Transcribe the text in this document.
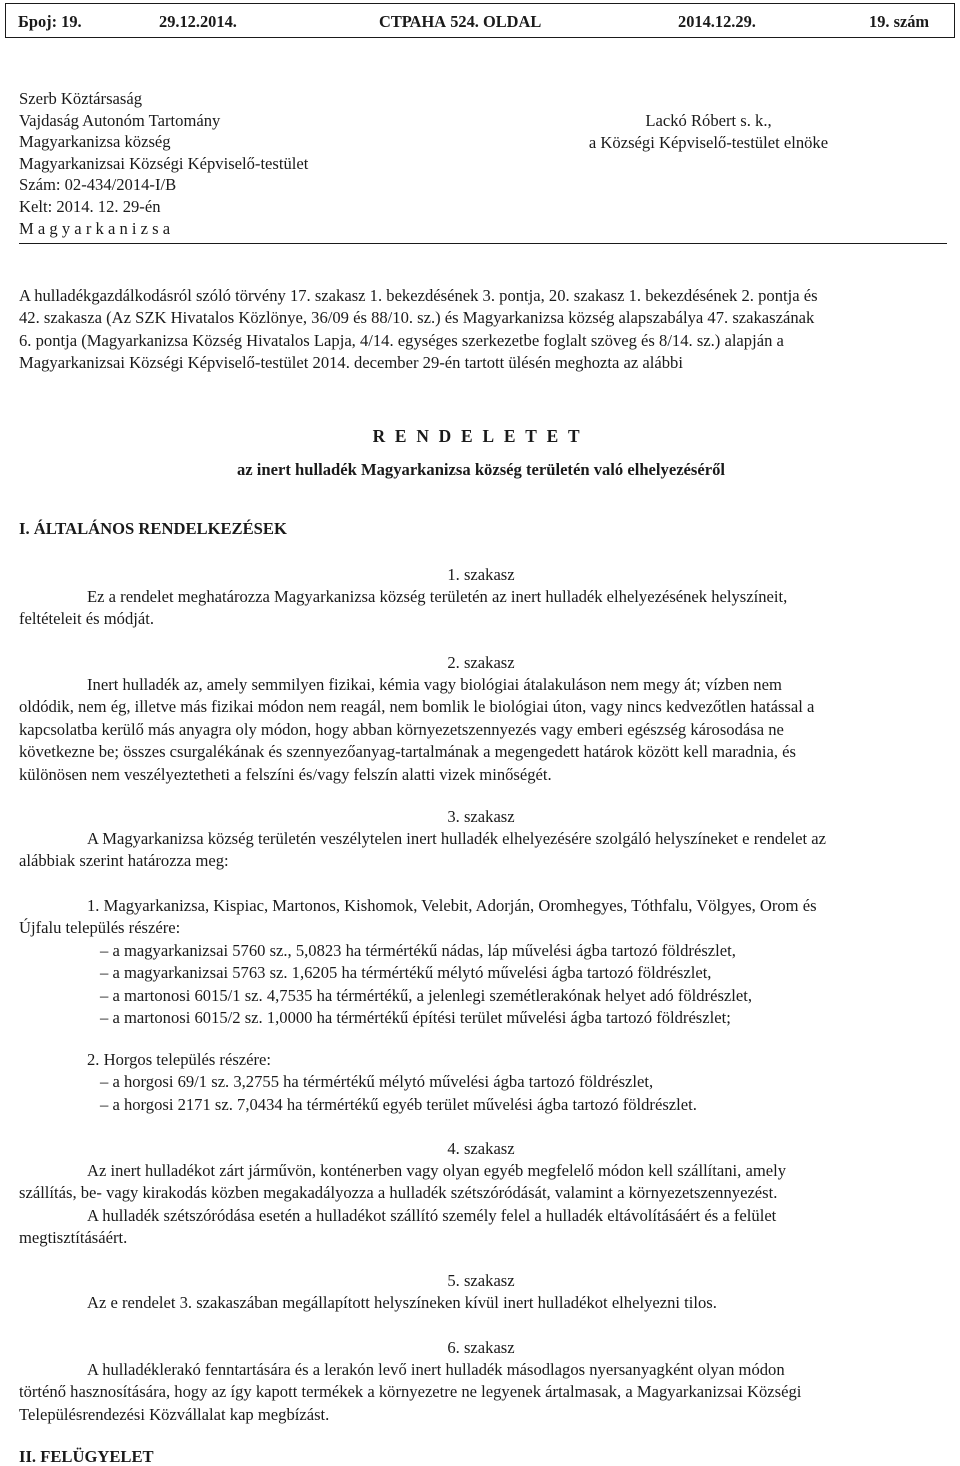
Број: 19.	29.12.2014.	СТРАНА 524. OLDAL	2014.12.29.	19. szám
Szerb Köztársaság
Vajdaság Autonóm Tartomány
Magyarkanizsa község
Magyarkanizsai Községi Képviselő-testület
Szám: 02-434/2014-I/B
Kelt: 2014. 12. 29-én
M a g y a r k a n i z s a
Lackó Róbert s. k.,
a Községi Képviselő-testület elnöke
A hulladékgazdálkodásról szóló törvény 17. szakasz 1. bekezdésének 3. pontja, 20. szakasz 1. bekezdésének 2. pontja és
42. szakasza (Az SZK Hivatalos Közlönye, 36/09 és 88/10. sz.) és Magyarkanizsa község alapszabálya 47. szakaszának
6. pontja (Magyarkanizsa Község Hivatalos Lapja, 4/14. egységes szerkezetbe foglalt szöveg és 8/14. sz.) alapján a
Magyarkanizsai Községi Képviselő-testület 2014. december 29-én tartott ülésén meghozta az alábbi
RENDELETET
az inert hulladék Magyarkanizsa község területén való elhelyezéséről
I. ÁLTALÁNOS RENDELKEZÉSEK
1. szakasz
Ez a rendelet meghatározza Magyarkanizsa község területén az inert hulladék elhelyezésének helyszíneit,
feltételeit és módját.
2. szakasz
Inert hulladék az, amely semmilyen fizikai, kémia vagy biológiai átalakuláson nem megy át; vízben nem
oldódik, nem ég, illetve más fizikai módon nem reagál, nem bomlik le biológiai úton, vagy nincs kedvezőtlen hatással a
kapcsolatba kerülő más anyagra oly módon, hogy abban környezetszennyezés vagy emberi egészség károsodása ne
következne be; összes csurgalékának és szennyezőanyag-tartalmának a megengedett határok között kell maradnia, és
különösen nem veszélyeztetheti a felszíni és/vagy felszín alatti vizek minőségét.
3. szakasz
A Magyarkanizsa község területén veszélytelen inert hulladék elhelyezésére szolgáló helyszíneket e rendelet az
alábbiak szerint határozza meg:
1. Magyarkanizsa, Kispiac, Martonos, Kishomok, Velebit, Adorján, Oromhegyes, Tóthfalu, Völgyes, Orom és
Újfalu település részére:
– a magyarkanizsai 5760 sz., 5,0823 ha térmértékű nádas, láp művelési ágba tartozó földrészlet,
– a magyarkanizsai 5763 sz. 1,6205 ha térmértékű mélytó művelési ágba tartozó földrészlet,
– a martonosi 6015/1 sz. 4,7535 ha térmértékű, a jelenlegi szemétlerakónak helyet adó földrészlet,
– a martonosi 6015/2 sz. 1,0000 ha térmértékű építési terület művelési ágba tartozó földrészlet;
2. Horgos település részére:
– a horgosi 69/1 sz. 3,2755 ha térmértékű mélytó művelési ágba tartozó földrészlet,
– a horgosi 2171 sz. 7,0434 ha térmértékű egyéb terület művelési ágba tartozó földrészlet.
4. szakasz
Az inert hulladékot zárt járművön, konténerben vagy olyan egyéb megfelelő módon kell szállítani, amely
szállítás, be- vagy kirakodás közben megakadályozza a hulladék szétszóródását, valamint a környezetszennyezést.
A hulladék szétszóródása esetén a hulladékot szállító személy felel a hulladék eltávolításáért és a felület
megtisztításáért.
5. szakasz
Az e rendelet 3. szakaszában megállapított helyszíneken kívül inert hulladékot elhelyezni tilos.
6. szakasz
A hulladéklerakó fenntartására és a lerakón levő inert hulladék másodlagos nyersanyagként olyan módon
történő hasznosítására, hogy az így kapott termékek a környezetre ne legyenek ártalmasak, a Magyarkanizsai Községi
Településrendezési Közvállalat kap megbízást.
II. FELÜGYELET
